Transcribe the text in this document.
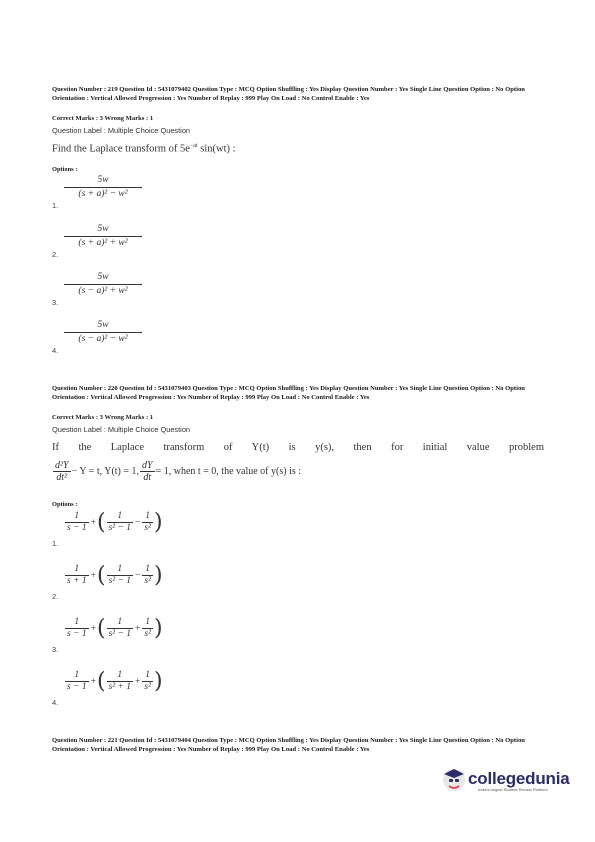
Question Number : 219 Question Id : 5431079402 Question Type : MCQ Option Shuffling : Yes Display Question Number : Yes Single Line Question Option : No Option Orientation : Vertical Allowed Progression : Yes Number of Replay : 999 Play On Load : No Control Enable : Yes
Correct Marks : 3 Wrong Marks : 1
Question Label : Multiple Choice Question
Find the Laplace transform of $5e^{-at}$ sin(wt) :
Options :
1.
5w
(s + a)² − w²
2.
5w
(s + a)² + w²
3.
5w
(s − a)² + w²
4.
5w
(s − a)² − w²
Question Number : 220 Question Id : 5431079403 Question Type : MCQ Option Shuffling : Yes Display Question Number : Yes Single Line Question Option : No Option Orientation : Vertical Allowed Progression : Yes Number of Replay : 999 Play On Load : No Control Enable : Yes
Correct Marks : 3 Wrong Marks : 1
Question Label : Multiple Choice Question
If the Laplace transform of Y(t) is y(s), then for initial value problem
d²Y
dt²
− Y = t, Y(t) = 1,
dY
dt
= 1, when t = 0, the value of y(s) is :
Options :
1.
1
s − 1
+ ( 1
s² − 1
−
1
s² )
2.
1
s + 1
+ ( 1
s² − 1
−
1
s² )
3.
1
s − 1
+ ( 1
s² − 1
+
1
s² )
4.
1
s − 1
+ ( 1
s² + 1
+
1
s² )
Question Number : 221 Question Id : 5431079404 Question Type : MCQ Option Shuffling : Yes Display Question Number : Yes Single Line Question Option : No Option Orientation : Vertical Allowed Progression : Yes Number of Replay : 999 Play On Load : No Control Enable : Yes
collegedunia
India's largest Student Review Platform
